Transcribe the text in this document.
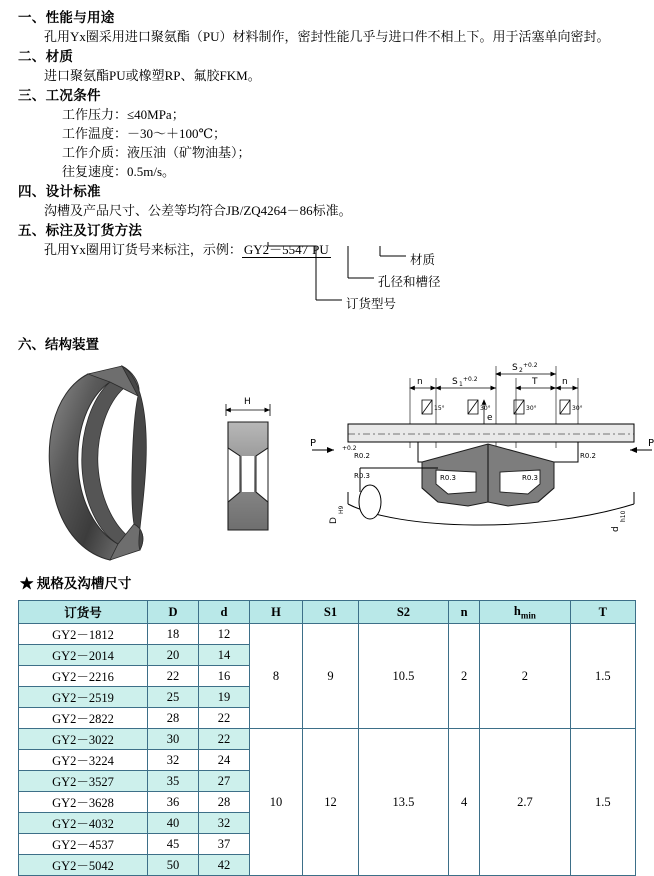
一、性能与用途
孔用Yx圈采用进口聚氨酯（PU）材料制作，密封性能几乎与进口件不相上下。用于活塞单向密封。
二、材质
进口聚氨酯PU或橡塑RP、氟胶FKM。
三、工况条件
工作压力：≤40MPa；
工作温度：－30～＋100℃；
工作介质：液压油（矿物油基）；
往复速度：0.5m/s。
四、设计标准
沟槽及产品尺寸、公差等均符合JB/ZQ4264－86标准。
五、标注及订货方法
孔用Yx圈用订货号来标注，示例： GY2－5547 PU
材质
孔径和槽径
订货型号
六、结构装置
H
n	S 1
+0.2
S 2
+0.2
T	n
15°	30°	30°	30°
e
P	P
R0.2
R0.3	R0.3	R0.3
R0.2
+0.2
D
H9
d
h10
★ 规格及沟槽尺寸
订货号	D	d	H	S1	S2	n	$h_{min}$	T
GY2－1812	18	12	8	9	10.5	2	2	1.5
GY2－2014	20	14						
GY2－2216	22	16						
GY2－2519	25	19						
GY2－2822	28	22						
GY2－3022	30	22	10	12	13.5	4	2.7	1.5
GY2－3224	32	24						
GY2－3527	35	27						
GY2－3628	36	28						
GY2－4032	40	32						
GY2－4537	45	37						
GY2－5042	50	42						
